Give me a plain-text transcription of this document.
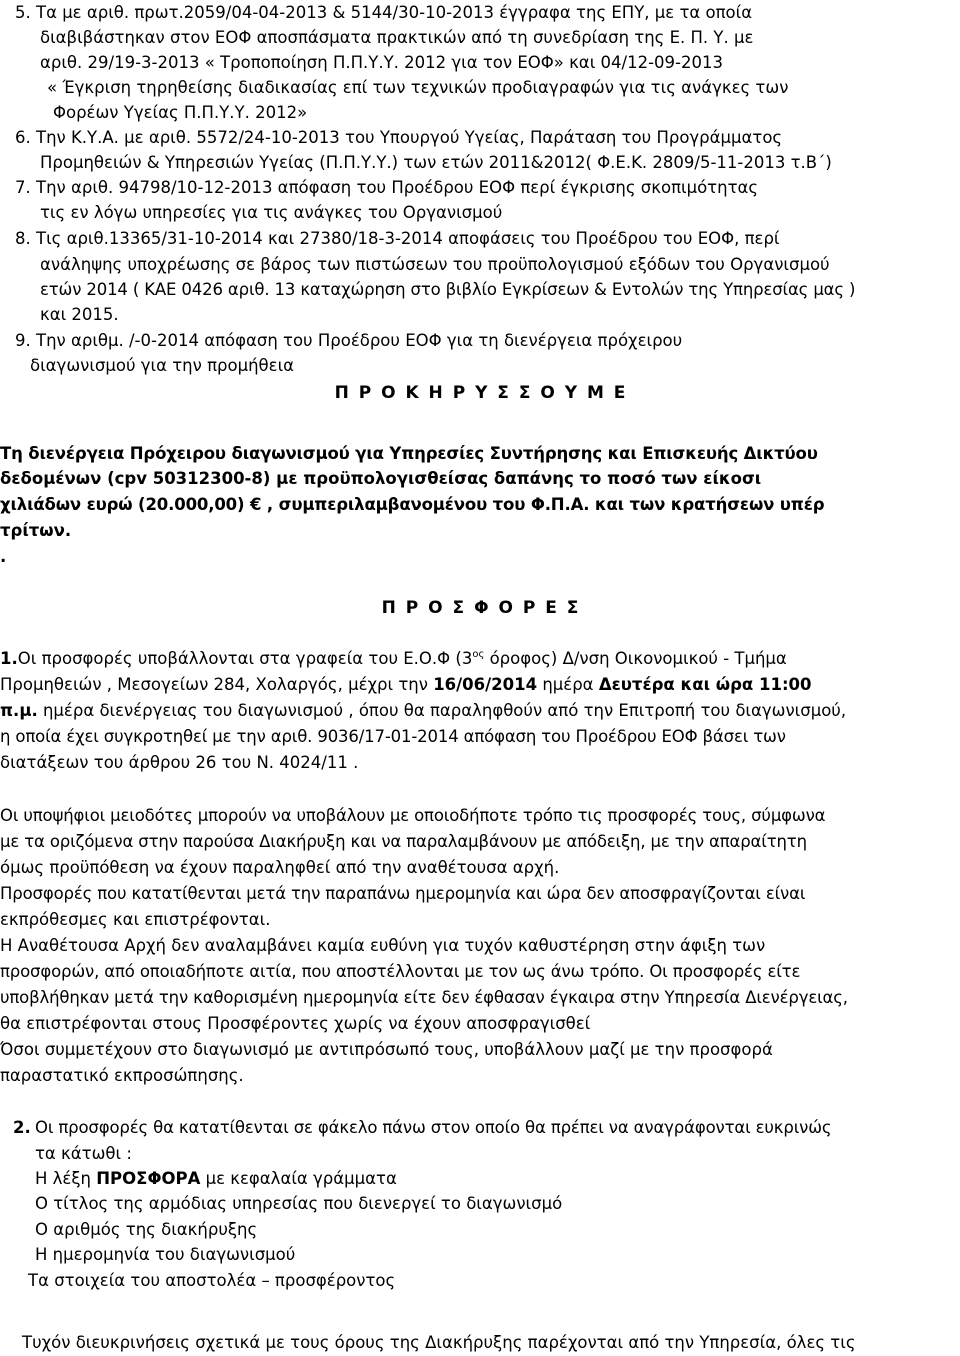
5. Τα με αριθ. πρωτ.2059/04-04-2013 & 5144/30-10-2013 έγγραφα της ΕΠΥ, με τα οποία
διαβιβάστηκαν στον ΕΟΦ αποσπάσματα πρακτικών από τη συνεδρίαση της Ε. Π. Υ. με
αριθ. 29/19-3-2013 « Τροποποίηση Π.Π.Υ.Υ. 2012 για τον ΕΟΦ» και 04/12-09-2013
« Έγκριση τηρηθείσης διαδικασίας επί των τεχνικών προδιαγραφών για τις ανάγκες των
Φορέων Υγείας Π.Π.Υ.Υ. 2012»
6. Την Κ.Υ.Α. με αριθ. 5572/24-10-2013 του Υπουργού Υγείας, Παράταση του Προγράμματος
Προμηθειών & Υπηρεσιών Υγείας (Π.Π.Υ.Υ.) των ετών 2011&2012( Φ.Ε.Κ. 2809/5-11-2013 τ.Β΄)
7. Την αριθ. 94798/10-12-2013 απόφαση του Προέδρου ΕΟΦ περί έγκρισης σκοπιμότητας
τις εν λόγω υπηρεσίες για τις ανάγκες του Οργανισμού
8. Τις αριθ.13365/31-10-2014 και 27380/18-3-2014 αποφάσεις του Προέδρου του ΕΟΦ, περί
ανάληψης υποχρέωσης σε βάρος των πιστώσεων του προϋπολογισμού εξόδων του Οργανισμού
ετών 2014 ( ΚΑΕ 0426 αριθ. 13 καταχώρηση στο βιβλίο Εγκρίσεων & Εντολών της Υπηρεσίας μας )
και 2015.
9. Την αριθμ. /-0-2014 απόφαση του Προέδρου ΕΟΦ για τη διενέργεια πρόχειρου
διαγωνισμού για την προμήθεια
Π Ρ Ο Κ Η Ρ Υ Σ Σ Ο Υ Μ Ε
Τη διενέργεια Πρόχειρου διαγωνισμού για Υπηρεσίες Συντήρησης και Επισκευής Δικτύου
δεδομένων (cpv 50312300-8) με προϋπολογισθείσας δαπάνης το ποσό των είκοσι
χιλιάδων ευρώ (20.000,00) € , συμπεριλαμβανομένου του Φ.Π.Α. και των κρατήσεων υπέρ
τρίτων.
.
Π Ρ Ο Σ Φ Ο Ρ Ε Σ
1.Οι προσφορές υποβάλλονται στα γραφεία του Ε.Ο.Φ ($3^{o\varsigma}$ όροφος) Δ/νση Οικονομικού - Τμήμα
Προμηθειών , Μεσογείων 284, Χολαργός, μέχρι την 16/06/2014 ημέρα Δευτέρα και ώρα 11:00
π.μ. ημέρα διενέργειας του διαγωνισμού , όπου θα παραληφθούν από την Επιτροπή του διαγωνισμού,
η οποία έχει συγκροτηθεί με την αριθ. 9036/17-01-2014 απόφαση του Προέδρου ΕΟΦ βάσει των
διατάξεων του άρθρου 26 του Ν. 4024/11 .
Οι υποψήφιοι μειοδότες μπορούν να υποβάλουν με οποιοδήποτε τρόπο τις προσφορές τους, σύμφωνα
με τα οριζόμενα στην παρούσα Διακήρυξη και να παραλαμβάνουν με απόδειξη, με την απαραίτητη
όμως προϋπόθεση να έχουν παραληφθεί από την αναθέτουσα αρχή.
Προσφορές που κατατίθενται μετά την παραπάνω ημερομηνία και ώρα δεν αποσφραγίζονται είναι
εκπρόθεσμες και επιστρέφονται.
Η Αναθέτουσα Αρχή δεν αναλαμβάνει καμία ευθύνη για τυχόν καθυστέρηση στην άφιξη των
προσφορών, από οποιαδήποτε αιτία, που αποστέλλονται με τον ως άνω τρόπο. Οι προσφορές είτε
υποβλήθηκαν μετά την καθορισμένη ημερομηνία είτε δεν έφθασαν έγκαιρα στην Υπηρεσία Διενέργειας,
θα επιστρέφονται στους Προσφέροντες χωρίς να έχουν αποσφραγισθεί
Όσοι συμμετέχουν στο διαγωνισμό με αντιπρόσωπό τους, υποβάλλουν μαζί με την προσφορά
παραστατικό εκπροσώπησης.
2. Οι προσφορές θα κατατίθενται σε φάκελο πάνω στον οποίο θα πρέπει να αναγράφονται ευκρινώς
τα κάτωθι :
Η λέξη ΠΡΟΣΦΟΡΑ με κεφαλαία γράμματα
Ο τίτλος της αρμόδιας υπηρεσίας που διενεργεί το διαγωνισμό
Ο αριθμός της διακήρυξης
Η ημερομηνία του διαγωνισμού
Τα στοιχεία του αποστολέα – προσφέροντος
Τυχόν διευκρινήσεις σχετικά με τους όρους της Διακήρυξης παρέχονται από την Υπηρεσία, όλες τις
